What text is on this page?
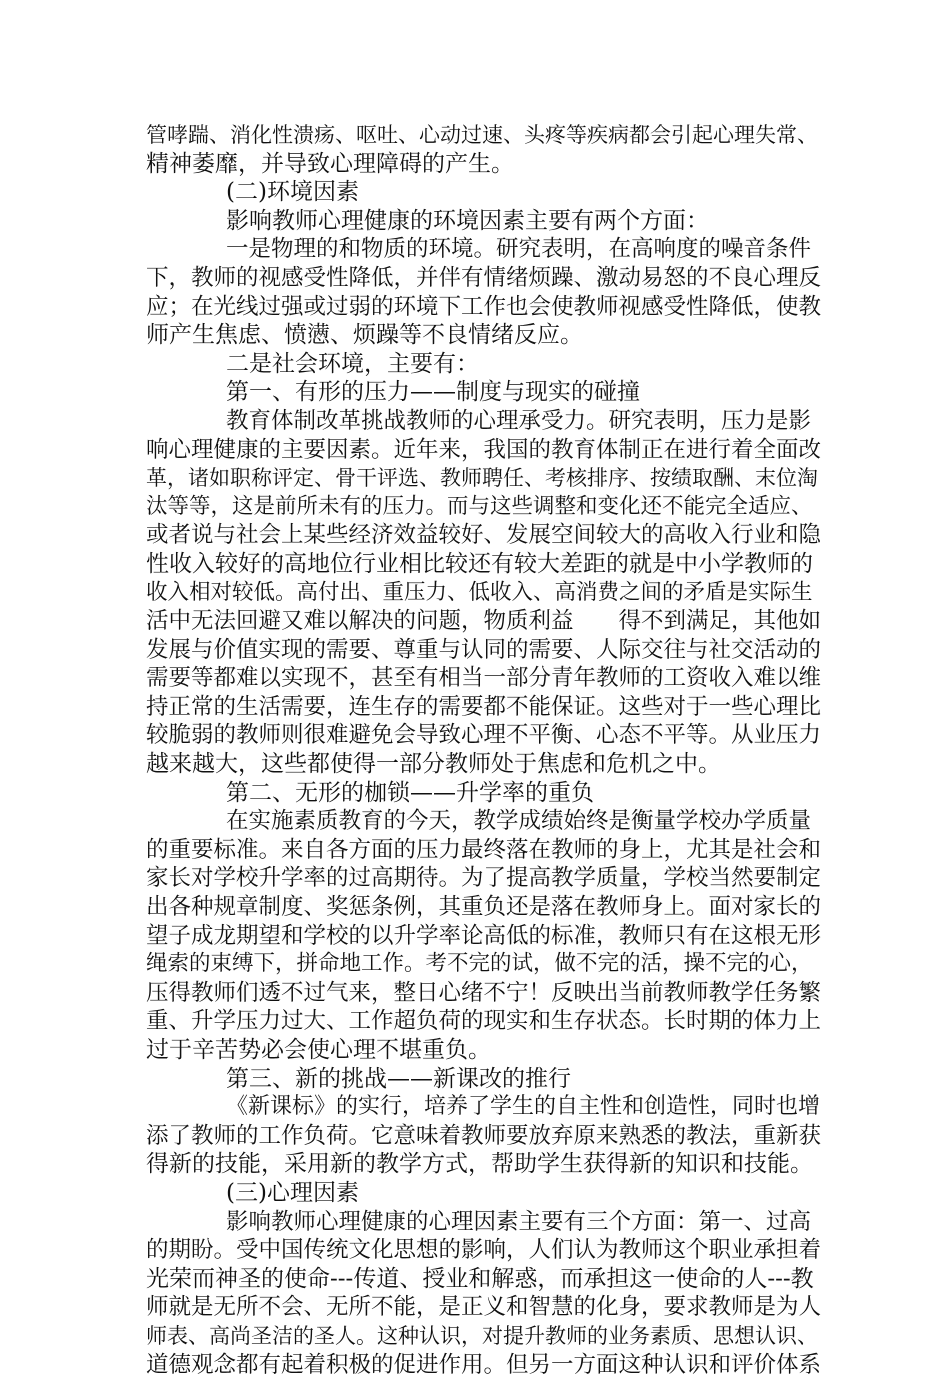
管哮踹、消化性溃疡、呕吐、心动过速、头疼等疾病都会引起心理失常、
精神萎靡，并导致心理障碍的产生。
(二)环境因素
影响教师心理健康的环境因素主要有两个方面：
一是物理的和物质的环境。研究表明，在高响度的噪音条件
下，教师的视感受性降低，并伴有情绪烦躁、激动易怒的不良心理反
应；在光线过强或过弱的环境下工作也会使教师视感受性降低，使教
师产生焦虑、愤懑、烦躁等不良情绪反应。
二是社会环境，主要有：
第一、有形的压力——制度与现实的碰撞
教育体制改革挑战教师的心理承受力。研究表明，压力是影
响心理健康的主要因素。近年来，我国的教育体制正在进行着全面改
革，诸如职称评定、骨干评选、教师聘任、考核排序、按绩取酬、末位淘
汰等等，这是前所未有的压力。而与这些调整和变化还不能完全适应、
或者说与社会上某些经济效益较好、发展空间较大的高收入行业和隐
性收入较好的高地位行业相比较还有较大差距的就是中小学教师的
收入相对较低。高付出、重压力、低收入、高消费之间的矛盾是实际生
活中无法回避又难以解决的问题，物质利益　　得不到满足，其他如
发展与价值实现的需要、尊重与认同的需要、人际交往与社交活动的
需要等都难以实现不，甚至有相当一部分青年教师的工资收入难以维
持正常的生活需要，连生存的需要都不能保证。这些对于一些心理比
较脆弱的教师则很难避免会导致心理不平衡、心态不平等。从业压力
越来越大，这些都使得一部分教师处于焦虑和危机之中。
第二、无形的枷锁——升学率的重负
在实施素质教育的今天，教学成绩始终是衡量学校办学质量
的重要标准。来自各方面的压力最终落在教师的身上，尤其是社会和
家长对学校升学率的过高期待。为了提高教学质量，学校当然要制定
出各种规章制度、奖惩条例，其重负还是落在教师身上。面对家长的
望子成龙期望和学校的以升学率论高低的标准，教师只有在这根无形
绳索的束缚下，拼命地工作。考不完的试，做不完的活，操不完的心，
压得教师们透不过气来，整日心绪不宁！反映出当前教师教学任务繁
重、升学压力过大、工作超负荷的现实和生存状态。长时期的体力上
过于辛苦势必会使心理不堪重负。
第三、新的挑战——新课改的推行
《新课标》的实行，培养了学生的自主性和创造性，同时也增
添了教师的工作负荷。它意味着教师要放弃原来熟悉的教法，重新获
得新的技能，采用新的教学方式，帮助学生获得新的知识和技能。
(三)心理因素
影响教师心理健康的心理因素主要有三个方面：第一、过高
的期盼。受中国传统文化思想的影响，人们认为教师这个职业承担着
光荣而神圣的使命---传道、授业和解惑，而承担这一使命的人---教
师就是无所不会、无所不能，是正义和智慧的化身，要求教师是为人
师表、高尚圣洁的圣人。这种认识，对提升教师的业务素质、思想认识、
道德观念都有起着积极的促进作用。但另一方面这种认识和评价体系
